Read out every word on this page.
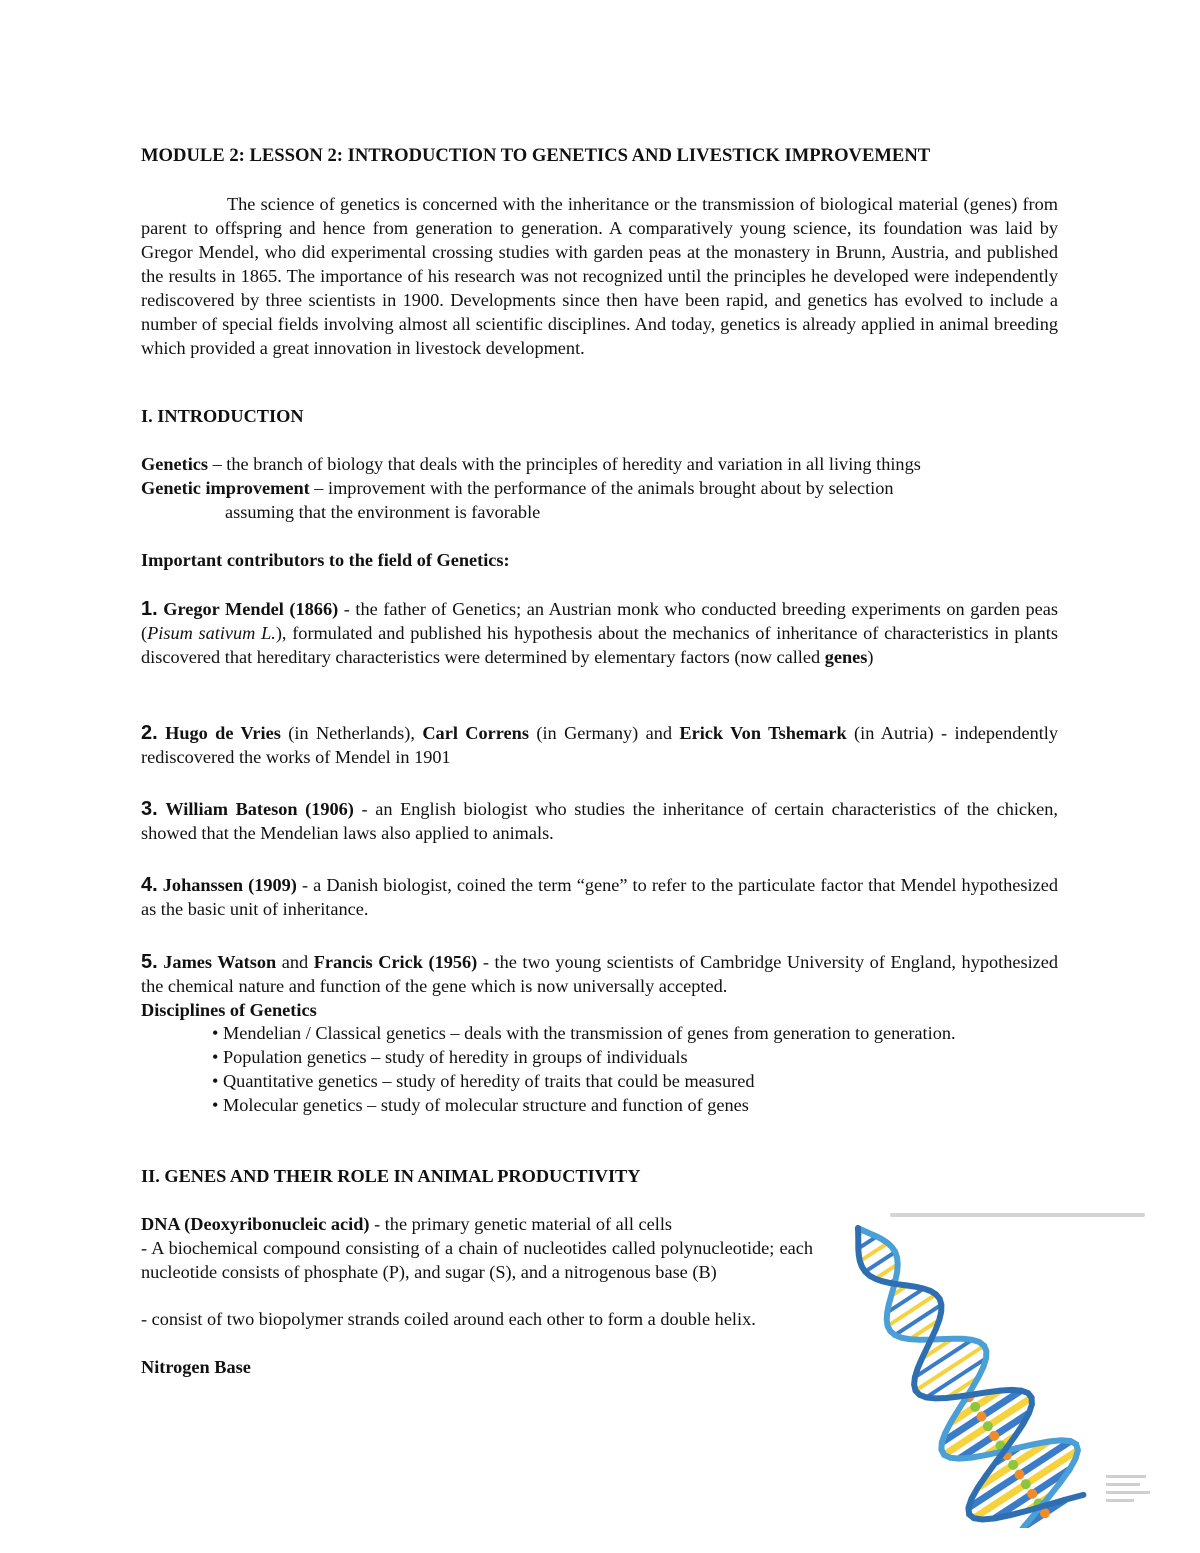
MODULE 2: LESSON 2: INTRODUCTION TO GENETICS AND LIVESTICK IMPROVEMENT

The science of genetics is concerned with the inheritance or the transmission of biological material (genes) from parent to offspring and hence from generation to generation. A comparatively young science, its foundation was laid by Gregor Mendel, who did experimental crossing studies with garden peas at the monastery in Brunn, Austria, and published the results in 1865. The importance of his research was not recognized until the principles he developed were independently rediscovered by three scientists in 1900. Developments since then have been rapid, and genetics has evolved to include a number of special fields involving almost all scientific disciplines. And today, genetics is already applied in animal breeding which provided a great innovation in livestock development.

I. INTRODUCTION

Genetics – the branch of biology that deals with the principles of heredity and variation in all living things

Genetic improvement – improvement with the performance of the animals brought about by selection

assuming that the environment is favorable

Important contributors to the field of Genetics:

1. Gregor Mendel (1866) - the father of Genetics; an Austrian monk who conducted breeding experiments on garden peas (Pisum sativum L.), formulated and published his hypothesis about the mechanics of inheritance of characteristics in plants discovered that hereditary characteristics were determined by elementary factors (now called genes)

2. Hugo de Vries (in Netherlands), Carl Correns (in Germany) and Erick Von Tshemark (in Autria) - independently rediscovered the works of Mendel in 1901

3. William Bateson (1906) - an English biologist who studies the inheritance of certain characteristics of the chicken, showed that the Mendelian laws also applied to animals.

4. Johanssen (1909) - a Danish biologist, coined the term “gene” to refer to the particulate factor that Mendel hypothesized as the basic unit of inheritance.

5. James Watson and Francis Crick (1956) - the two young scientists of Cambridge University of England, hypothesized the chemical nature and function of the gene which is now universally accepted.

Disciplines of Genetics

• Mendelian / Classical genetics – deals with the transmission of genes from generation to generation.
• Population genetics – study of heredity in groups of individuals
• Quantitative genetics – study of heredity of traits that could be measured
• Molecular genetics – study of molecular structure and function of genes

II. GENES AND THEIR ROLE IN ANIMAL PRODUCTIVITY

DNA (Deoxyribonucleic acid) - the primary genetic material of all cells

- A biochemical compound consisting of a chain of nucleotides called polynucleotide; each        nucleotide consists of phosphate (P), and sugar (S), and a nitrogenous base (B)

- consist of two biopolymer strands coiled around each other to form a double helix.

Nitrogen Base
